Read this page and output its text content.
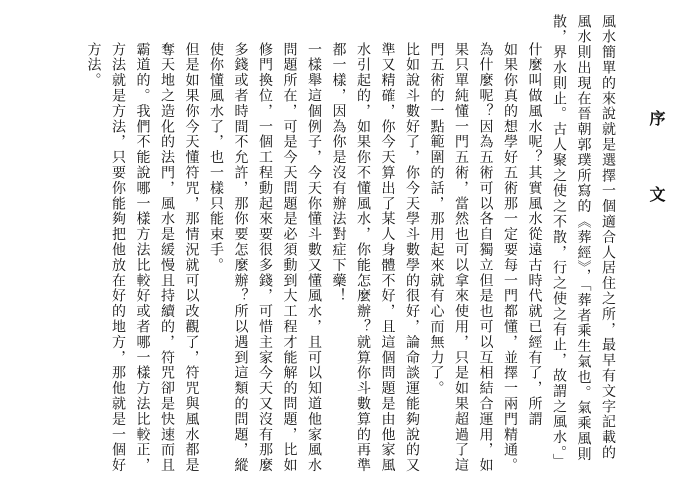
序　文

風水簡單的來說就是選擇一個適合人居住之所，最早有文字記載的風水則出現在晉朝郭璞所寫的《葬經》，「葬者乘生氣也。氣乘風則散，界水則止。古人聚之使之不散，行之使之有止，故謂之風水。」

什麼叫做風水呢？其實風水從遠古時代就已經有了，所謂

如果你真的想學好五術那一定要每一門都懂，並擇一兩門精通。為什麼呢？因為五術可以各自獨立但是也可以互相結合運用，如果只單純懂一門五術，當然也可以拿來使用，只是如果超過了這門五術的一點範圍的話，那用起來就有心而無力了。

比如說斗數好了，你今天學斗數學的很好，論命談運能夠說的又準又精確，你今天算出了某人身體不好，且這個問題是由他家風水引起的，如果你不懂風水，你能怎麼辦？就算你斗數算的再準都一樣，因為你是沒有辦法對症下藥！

一樣舉這個例子，今天你懂斗數又懂風水，且可以知道他家風水問題所在，可是今天問題是必須動到大工程才能解的問題，比如修門換位，一個工程動起來要很多錢，可惜主家今天又沒有那麼多錢或者時間不允許，那你要怎麼辦？所以遇到這類的問題，縱使你懂風水了，也一樣只能束手。

但是如果你今天懂符咒，那情況就可以改觀了，符咒與風水都是奪天地之造化的法門，風水是緩慢且持續的，符咒卻是快速而且霸道的。我們不能說哪一樣方法比較好或者哪一樣方法比較正，方法就是方法，只要你能夠把他放在好的地方，那他就是一個好方法。
